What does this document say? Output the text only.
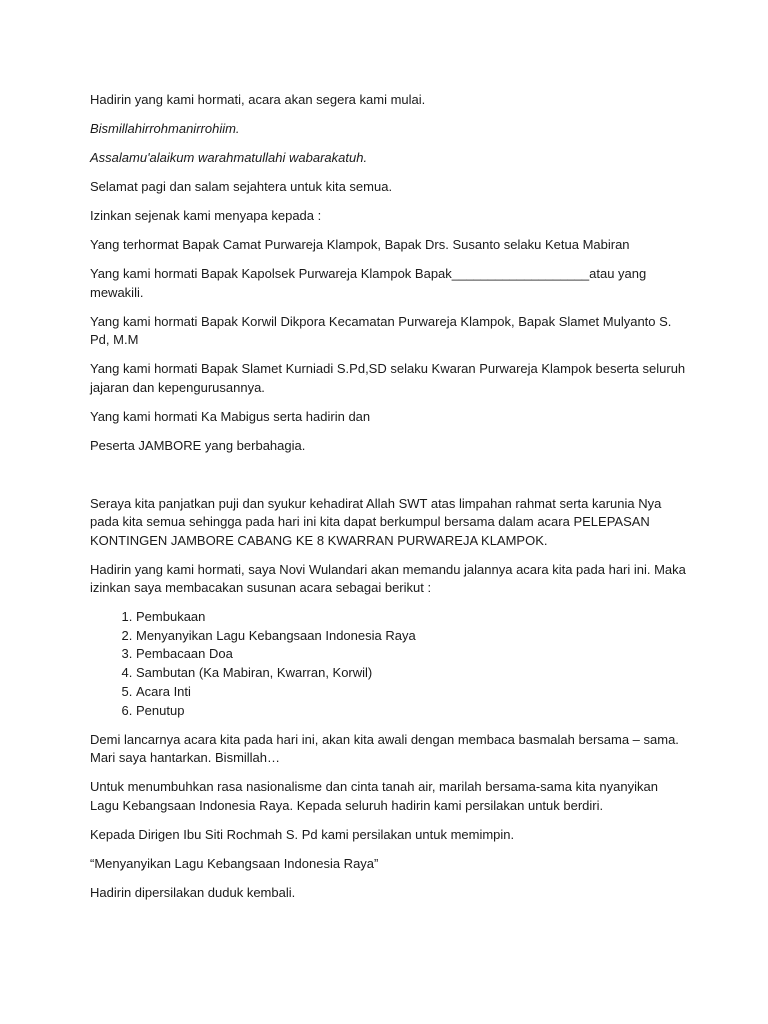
Hadirin yang kami hormati, acara akan segera kami mulai.

Bismillahirrohmanirrohiim.

Assalamu'alaikum warahmatullahi wabarakatuh.

Selamat pagi dan salam sejahtera untuk kita semua.

Izinkan sejenak kami menyapa kepada :

Yang terhormat Bapak Camat Purwareja Klampok, Bapak Drs. Susanto selaku Ketua Mabiran

Yang kami hormati Bapak Kapolsek Purwareja Klampok Bapak___________________atau yang mewakili.

Yang kami hormati Bapak Korwil Dikpora Kecamatan Purwareja Klampok, Bapak Slamet Mulyanto S. Pd, M.M

Yang kami hormati Bapak Slamet Kurniadi S.Pd,SD selaku Kwaran Purwareja Klampok beserta seluruh jajaran dan kepengurusannya.

Yang kami hormati Ka Mabigus serta hadirin dan

Peserta JAMBORE yang berbahagia.

Seraya kita panjatkan puji dan syukur kehadirat Allah SWT atas limpahan rahmat serta karunia Nya pada kita semua sehingga pada hari ini kita dapat berkumpul bersama dalam acara PELEPASAN KONTINGEN JAMBORE CABANG KE 8 KWARRAN PURWAREJA KLAMPOK.

Hadirin yang kami hormati, saya Novi Wulandari akan memandu jalannya acara kita pada hari ini. Maka izinkan saya membacakan susunan acara sebagai berikut :

1. Pembukaan
2. Menyanyikan Lagu Kebangsaan Indonesia Raya
3. Pembacaan Doa
4. Sambutan (Ka Mabiran, Kwarran, Korwil)
5. Acara Inti
6. Penutup

Demi lancarnya acara kita pada hari ini, akan kita awali dengan membaca basmalah bersama – sama. Mari saya hantarkan. Bismillah…

Untuk menumbuhkan rasa nasionalisme dan cinta tanah air, marilah bersama-sama kita nyanyikan Lagu Kebangsaan Indonesia Raya. Kepada seluruh hadirin kami persilakan untuk berdiri.

Kepada Dirigen Ibu Siti Rochmah S. Pd kami persilakan untuk memimpin.

“Menyanyikan Lagu Kebangsaan Indonesia Raya”

Hadirin dipersilakan duduk kembali.
